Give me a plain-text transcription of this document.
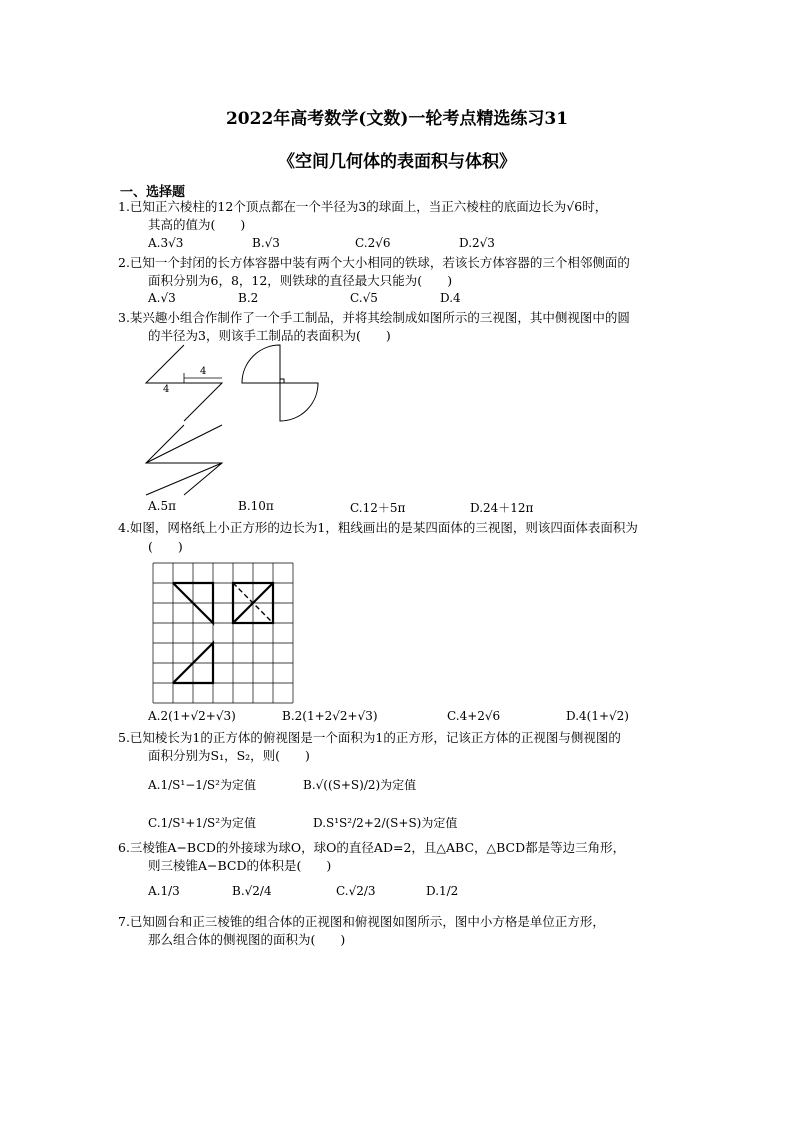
2022年高考数学(文数)一轮考点精选练习31
《空间几何体的表面积与体积》
一、选择题
1.已知正六棱柱的12个顶点都在一个半径为3的球面上，当正六棱柱的底面边长为√6时，
其高的值为(　　)
A.3√3	B.√3	C.2√6	D.2√3
2.已知一个封闭的长方体容器中装有两个大小相同的铁球，若该长方体容器的三个相邻侧面的
面积分别为6，8，12，则铁球的直径最大只能为(　　)
A.√3	B.2	C.√5	D.4
3.某兴趣小组合作制作了一个手工制品，并将其绘制成如图所示的三视图，其中侧视图中的圆
的半径为3，则该手工制品的表面积为(　　)
4
4
A.5π	B.10π	C.12＋5π	D.24＋12π
4.如图，网格纸上小正方形的边长为1，粗线画出的是某四面体的三视图，则该四面体表面积为
(　　)
A.2(1+√2+√3)	B.2(1+2√2+√3)	C.4+2√6	D.4(1+√2)
5.已知棱长为1的正方体的俯视图是一个面积为1的正方形，记该正方体的正视图与侧视图的
面积分别为S₁，S₂，则(　　)
A.1/S¹−1/S²为定值	B.√((S+S)/2)为定值
C.1/S¹+1/S²为定值	D.S¹S²/2+2/(S+S)为定值
6.三棱锥A−BCD的外接球为球O，球O的直径AD=2，且△ABC，△BCD都是等边三角形，
则三棱锥A−BCD的体积是(　　)
A.1/3	B.√2/4	C.√2/3	D.1/2
7.已知圆台和正三棱锥的组合体的正视图和俯视图如图所示，图中小方格是单位正方形，
那么组合体的侧视图的面积为(　　)
